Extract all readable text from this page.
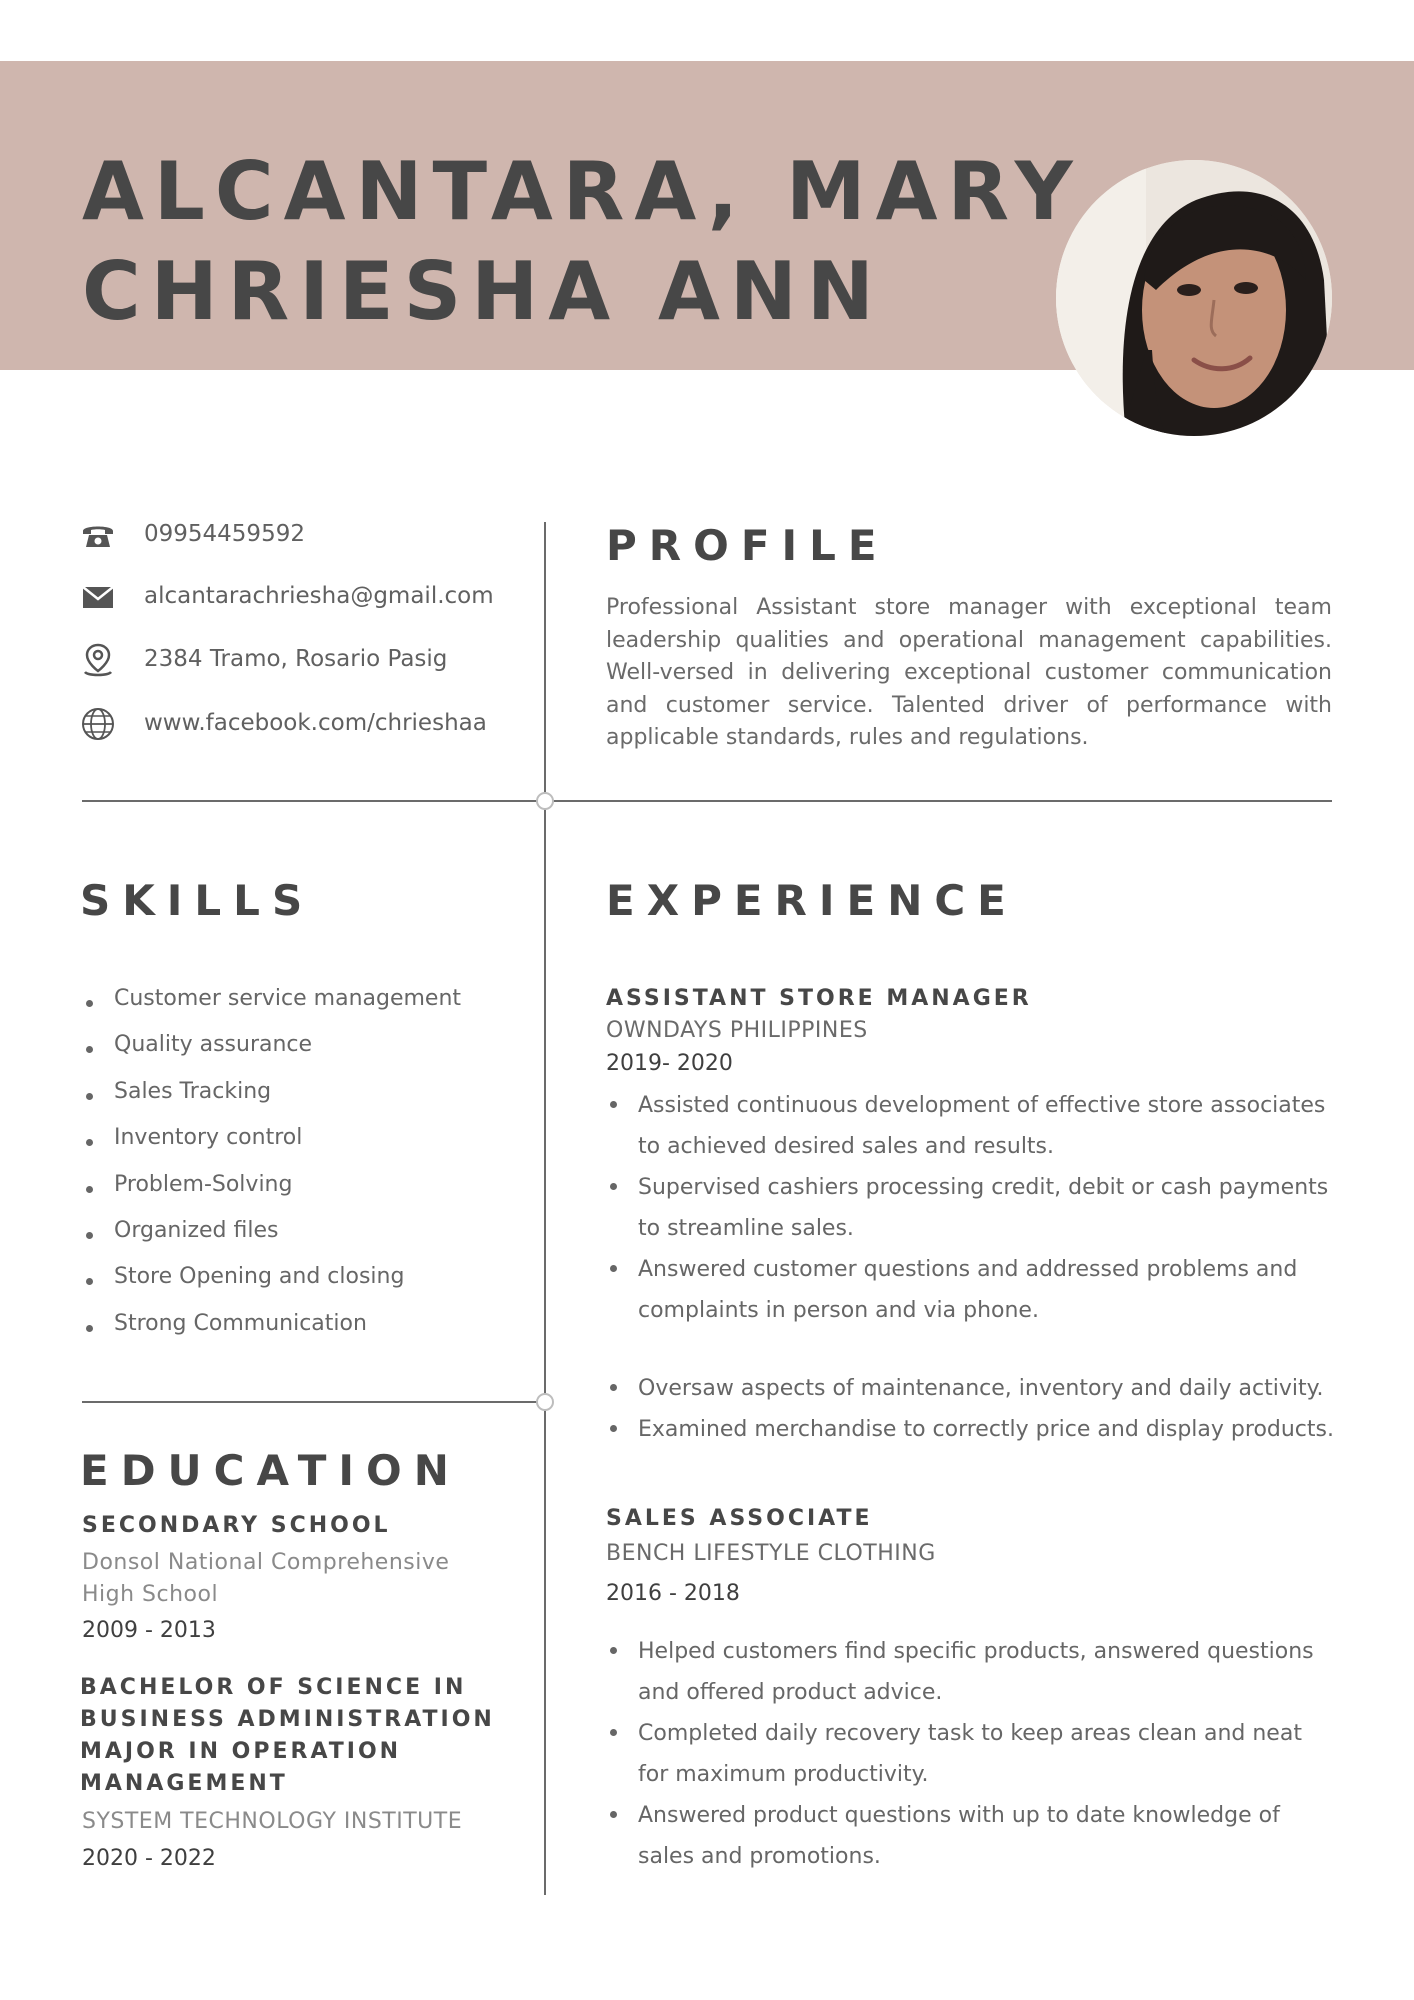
ALCANTARA, MARY
CHRIESHA ANN
09954459592
alcantarachriesha@gmail.com
2384 Tramo, Rosario Pasig
www.facebook.com/chrieshaa
PROFILE

Professional Assistant store manager with exceptional team leadership qualities and operational management capabilities. Well-versed in delivering exceptional customer communication and customer service. Talented driver of performance with applicable standards, rules and regulations.

SKILLS
Customer service management
Quality assurance
Sales Tracking
Inventory control
Problem-Solving
Organized files
Store Opening and closing
Strong Communication
EDUCATION
SECONDARY SCHOOL

Donsol National Comprehensive High School

2009 - 2013

BACHELOR OF SCIENCE IN BUSINESS ADMINISTRATION MAJOR IN OPERATION MANAGEMENT

SYSTEM TECHNOLOGY INSTITUTE

2020 - 2022

EXPERIENCE
ASSISTANT STORE MANAGER

OWNDAYS PHILIPPINES

2019- 2020

Assisted continuous development of effective store associates to achieved desired sales and results.
Supervised cashiers processing credit, debit or cash payments to streamline sales.
Answered customer questions and addressed problems and complaints in person and via phone.
Oversaw aspects of maintenance, inventory and daily activity.
Examined merchandise to correctly price and display products.
SALES ASSOCIATE

BENCH LIFESTYLE CLOTHING

2016 - 2018

Helped customers find specific products, answered questions and offered product advice.
Completed daily recovery task to keep areas clean and neat for maximum productivity.
Answered product questions with up to date knowledge of sales and promotions.
